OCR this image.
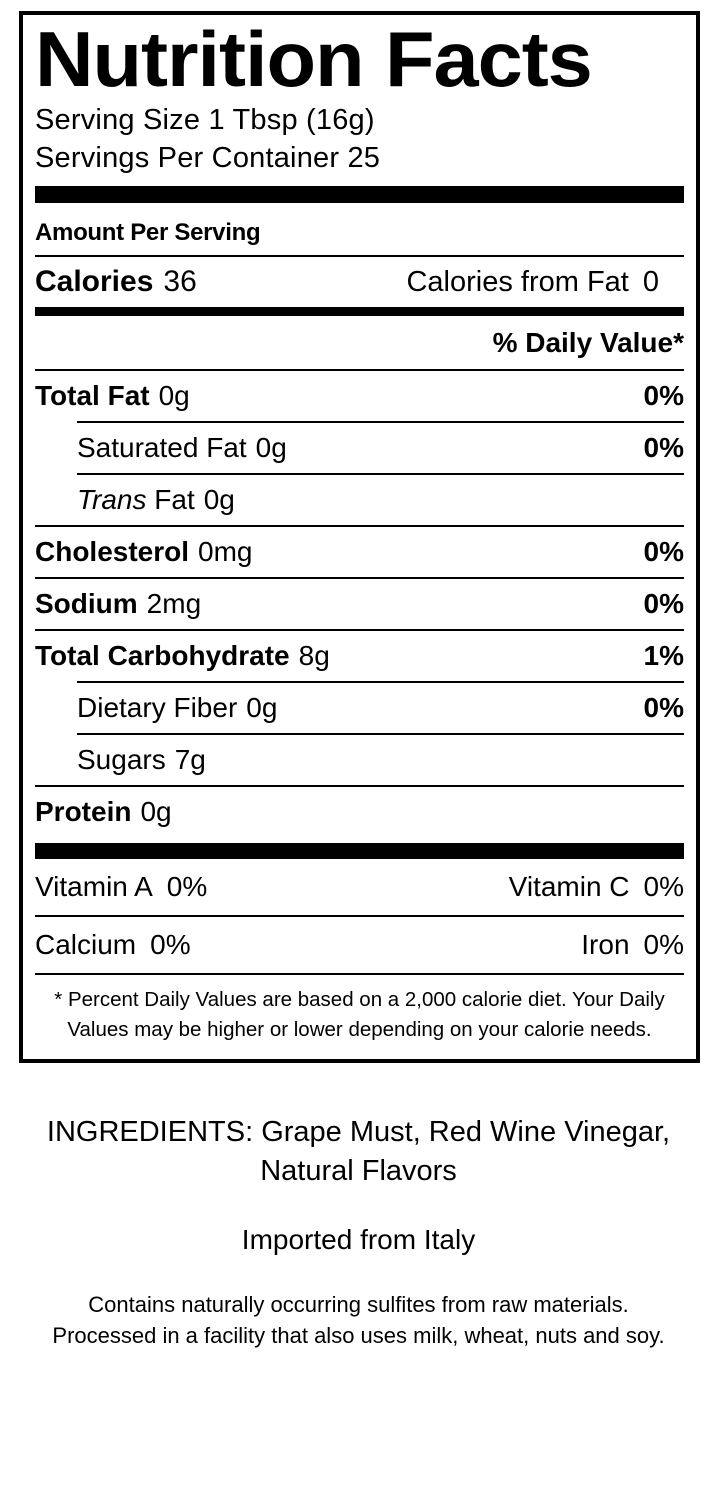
Nutrition Facts
Serving Size 1 Tbsp (16g)
Servings Per Container 25
Amount Per Serving
Calories 36	Calories from Fat 0
% Daily Value*
Total Fat 0g	0%
Saturated Fat 0g	0%
Trans Fat 0g
Cholesterol 0mg	0%
Sodium 2mg	0%
Total Carbohydrate 8g	1%
Dietary Fiber 0g	0%
Sugars 7g
Protein 0g
Vitamin A 0%	Vitamin C 0%
Calcium 0%	Iron 0%
* Percent Daily Values are based on a 2,000 calorie diet. Your Daily
Values may be higher or lower depending on your calorie needs.
INGREDIENTS: Grape Must, Red Wine Vinegar,
Natural Flavors
Imported from Italy
Contains naturally occurring sulfites from raw materials.
Processed in a facility that also uses milk, wheat, nuts and soy.
